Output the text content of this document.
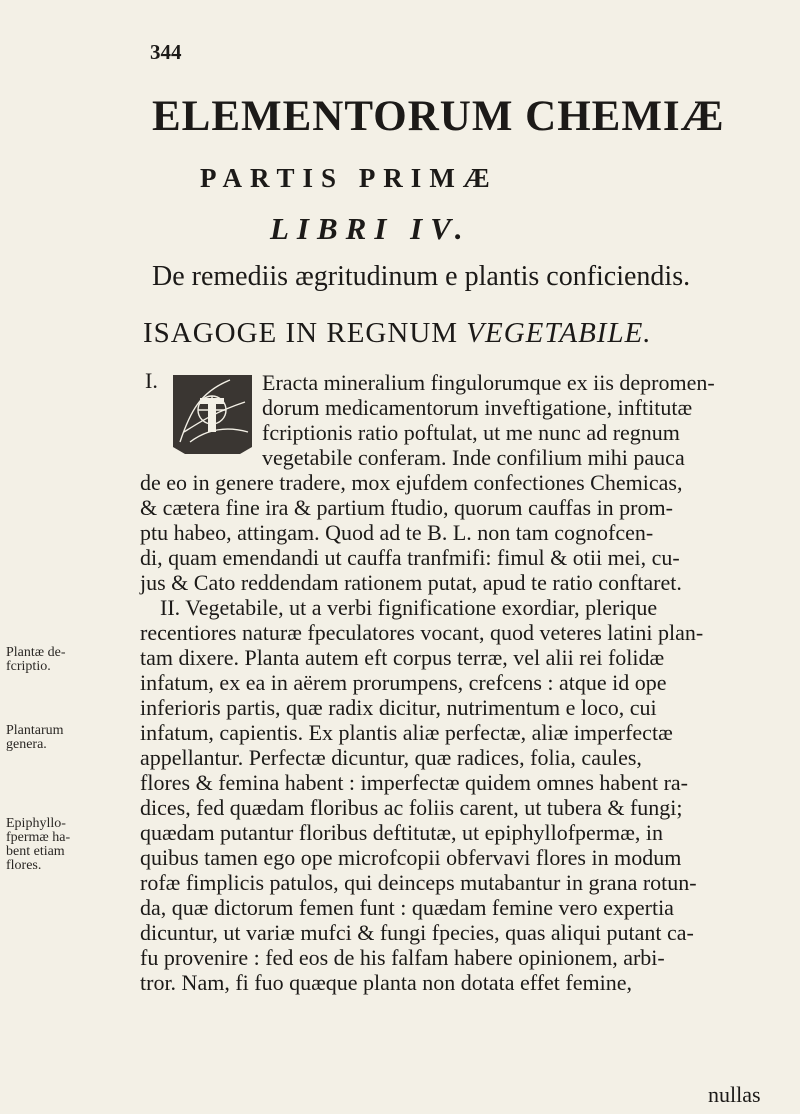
344
ELEMENTORUM CHEMIÆ
PARTIS PRIMÆ
LIBRI IV.
De remediis ægritudinum e plantis conficiendis.
ISAGOGE IN REGNUM VEGETABILE.
I.	Eracta mineralium fingulorumque ex iis depromen-
dorum medicamentorum inveftigatione, inftitutæ
fcriptionis ratio poftulat, ut me nunc ad regnum
vegetabile conferam. Inde confilium mihi pauca
de eo in genere tradere, mox ejufdem confectiones Chemicas,
& cætera fine ira & partium ftudio, quorum cauffas in prom-
ptu habeo, attingam. Quod ad te B. L. non tam cognofcen-
di, quam emendandi ut cauffa tranfmifi: fimul & otii mei, cu-
jus & Cato reddendam rationem putat, apud te ratio conftaret.
II. Vegetabile, ut a verbi fignificatione exordiar, plerique
recentiores naturæ fpeculatores vocant, quod veteres latini plan-
tam dixere. Planta autem eft corpus terræ, vel alii rei folidæ
infatum, ex ea in aërem prorumpens, crefcens : atque id ope
inferioris partis, quæ radix dicitur, nutrimentum e loco, cui
infatum, capientis. Ex plantis aliæ perfectæ, aliæ imperfectæ
appellantur. Perfectæ dicuntur, quæ radices, folia, caules,
flores & femina habent : imperfectæ quidem omnes habent ra-
dices, fed quædam floribus ac foliis carent, ut tubera & fungi;
quædam putantur floribus deftitutæ, ut epiphyllofpermæ, in
quibus tamen ego ope microfcopii obfervavi flores in modum
rofæ fimplicis patulos, qui deinceps mutabantur in grana rotun-
da, quæ dictorum femen funt : quædam femine vero expertia
dicuntur, ut variæ mufci & fungi fpecies, quas aliqui putant ca-
fu provenire : fed eos de his falfam habere opinionem, arbi-
tror. Nam, fi fuo quæque planta non dotata effet femine,
Plantæ de-
fcriptio.
Plantarum
genera.
Epiphyllo-
fpermæ ha-
bent etiam
flores.
nullas
